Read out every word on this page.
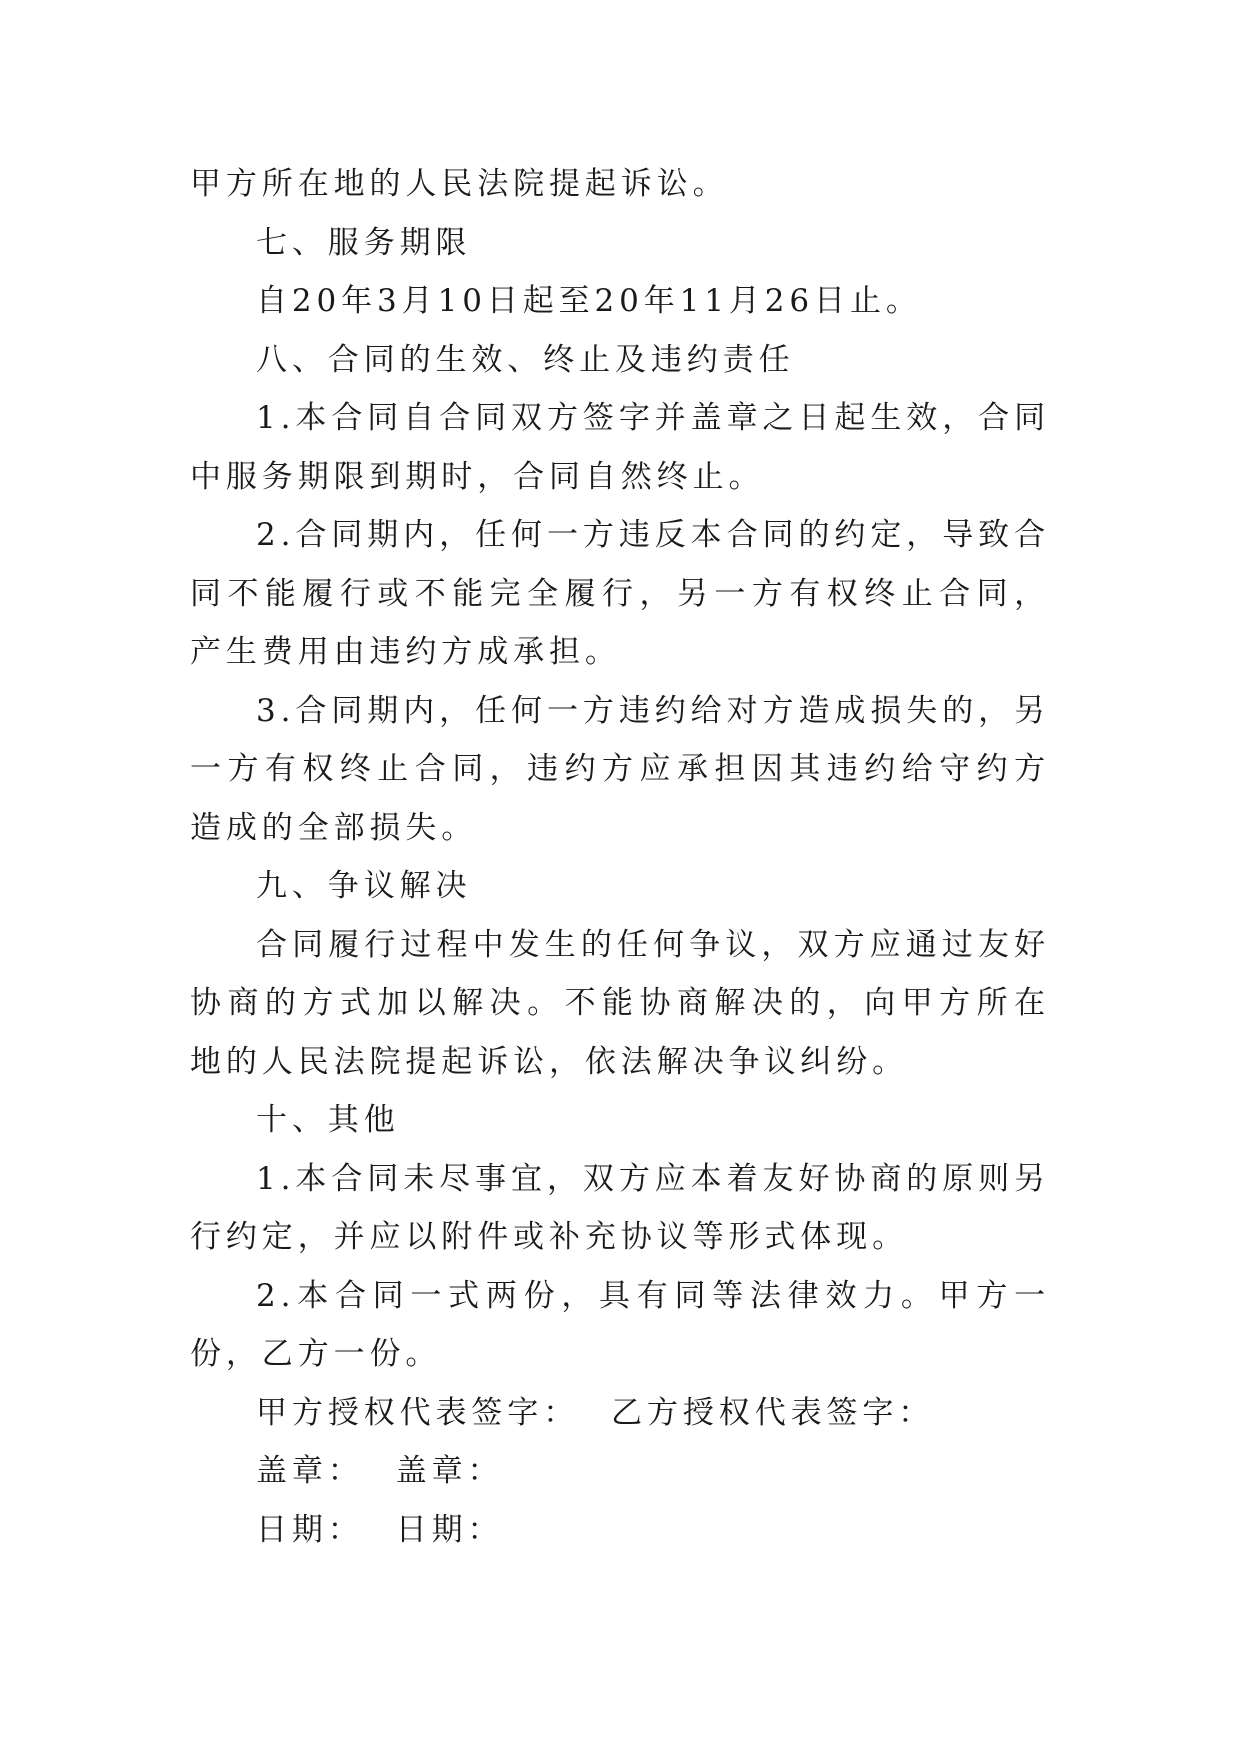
甲方所在地的人民法院提起诉讼。

七、服务期限

自20年3月10日起至20年11月26日止。

八、合同的生效、终止及违约责任

1.本合同自合同双方签字并盖章之日起生效，合同中服务期限到期时，合同自然终止。

2.合同期内，任何一方违反本合同的约定，导致合同不能履行或不能完全履行，另一方有权终止合同，产生费用由违约方成承担。

3.合同期内，任何一方违约给对方造成损失的，另一方有权终止合同，违约方应承担因其违约给守约方造成的全部损失。

九、争议解决

合同履行过程中发生的任何争议，双方应通过友好协商的方式加以解决。不能协商解决的，向甲方所在地的人民法院提起诉讼，依法解决争议纠纷。

十、其他

1.本合同未尽事宜，双方应本着友好协商的原则另行约定，并应以附件或补充协议等形式体现。

2.本合同一式两份，具有同等法律效力。甲方一份，乙方一份。

甲方授权代表签字： 乙方授权代表签字：

盖章： 盖章：

日期： 日期：
